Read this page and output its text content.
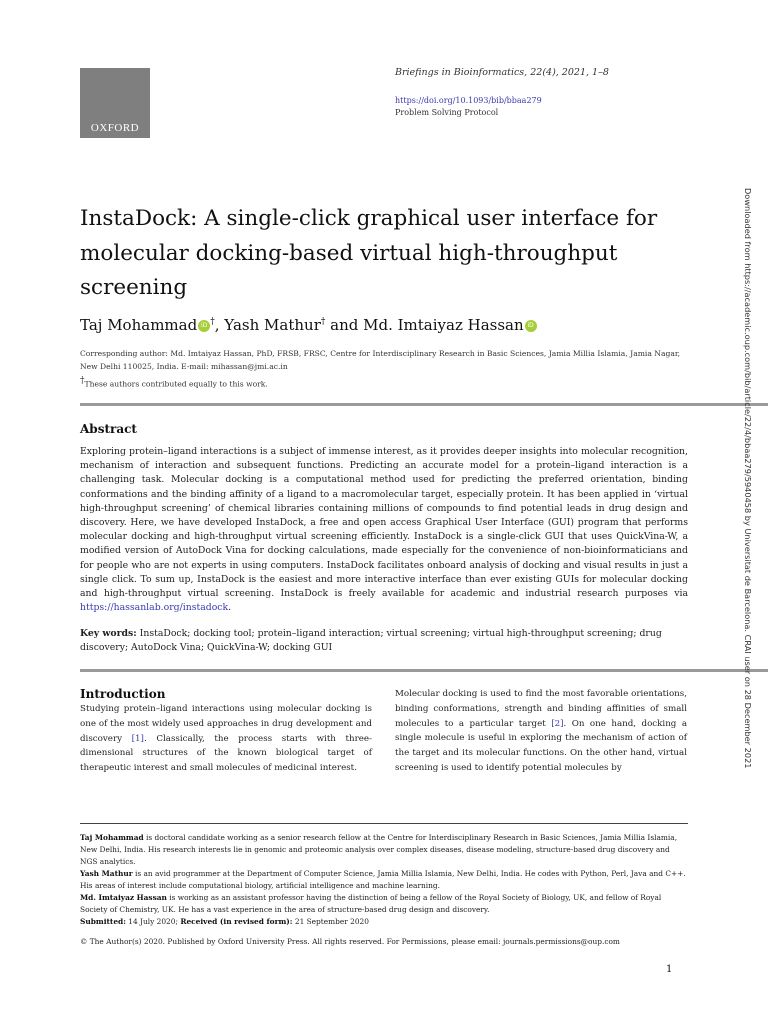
OXFORD
Briefings in Bioinformatics, 22(4), 2021, 1–8
https://doi.org/10.1093/bib/bbaa279
Problem Solving Protocol
InstaDock: A single-click graphical user interface for molecular docking-based virtual high-throughput screening
Taj Mohammad iD †, Yash Mathur† and Md. Imtaiyaz Hassan iD
Corresponding author: Md. Imtaiyaz Hassan, PhD, FRSB, FRSC, Centre for Interdisciplinary Research in Basic Sciences, Jamia Millia Islamia, Jamia Nagar, New Delhi 110025, India. E-mail: mihassan@jmi.ac.in
†These authors contributed equally to this work.
Abstract
Exploring protein–ligand interactions is a subject of immense interest, as it provides deeper insights into molecular recognition, mechanism of interaction and subsequent functions. Predicting an accurate model for a protein–ligand interaction is a challenging task. Molecular docking is a computational method used for predicting the preferred orientation, binding conformations and the binding affinity of a ligand to a macromolecular target, especially protein. It has been applied in ‘virtual high-throughput screening’ of chemical libraries containing millions of compounds to find potential leads in drug design and discovery. Here, we have developed InstaDock, a free and open access Graphical User Interface (GUI) program that performs molecular docking and high-throughput virtual screening efficiently. InstaDock is a single-click GUI that uses QuickVina-W, a modified version of AutoDock Vina for docking calculations, made especially for the convenience of non-bioinformaticians and for people who are not experts in using computers. InstaDock facilitates onboard analysis of docking and visual results in just a single click. To sum up, InstaDock is the easiest and more interactive interface than ever existing GUIs for molecular docking and high-throughput virtual screening. InstaDock is freely available for academic and industrial research purposes via https://hassanlab.org/instadock.
Key words: InstaDock; docking tool; protein–ligand interaction; virtual screening; virtual high-throughput screening; drug discovery; AutoDock Vina; QuickVina-W; docking GUI
Introduction
Studying protein–ligand interactions using molecular docking is one of the most widely used approaches in drug development and discovery [1]. Classically, the process starts with three-dimensional structures of the known biological target of therapeutic interest and small molecules of medicinal interest.
Molecular docking is used to find the most favorable orientations, binding conformations, strength and binding affinities of small molecules to a particular target [2]. On one hand, docking a single molecule is useful in exploring the mechanism of action of the target and its molecular functions. On the other hand, virtual screening is used to identify potential molecules by
Taj Mohammad is doctoral candidate working as a senior research fellow at the Centre for Interdisciplinary Research in Basic Sciences, Jamia Millia Islamia, New Delhi, India. His research interests lie in genomic and proteomic analysis over complex diseases, disease modeling, structure-based drug discovery and NGS analytics.
Yash Mathur is an avid programmer at the Department of Computer Science, Jamia Millia Islamia, New Delhi, India. He codes with Python, Perl, Java and C++. His areas of interest include computational biology, artificial intelligence and machine learning.
Md. Imtaiyaz Hassan is working as an assistant professor having the distinction of being a fellow of the Royal Society of Biology, UK, and fellow of Royal Society of Chemistry, UK. He has a vast experience in the area of structure-based drug design and discovery.
Submitted: 14 July 2020; Received (in revised form): 21 September 2020
© The Author(s) 2020. Published by Oxford University Press. All rights reserved. For Permissions, please email: journals.permissions@oup.com
1
Downloaded from https://academic.oup.com/bib/article/22/4/bbaa279/5940458 by Universitat de Barcelona. CRAI user on 28 December 2021
